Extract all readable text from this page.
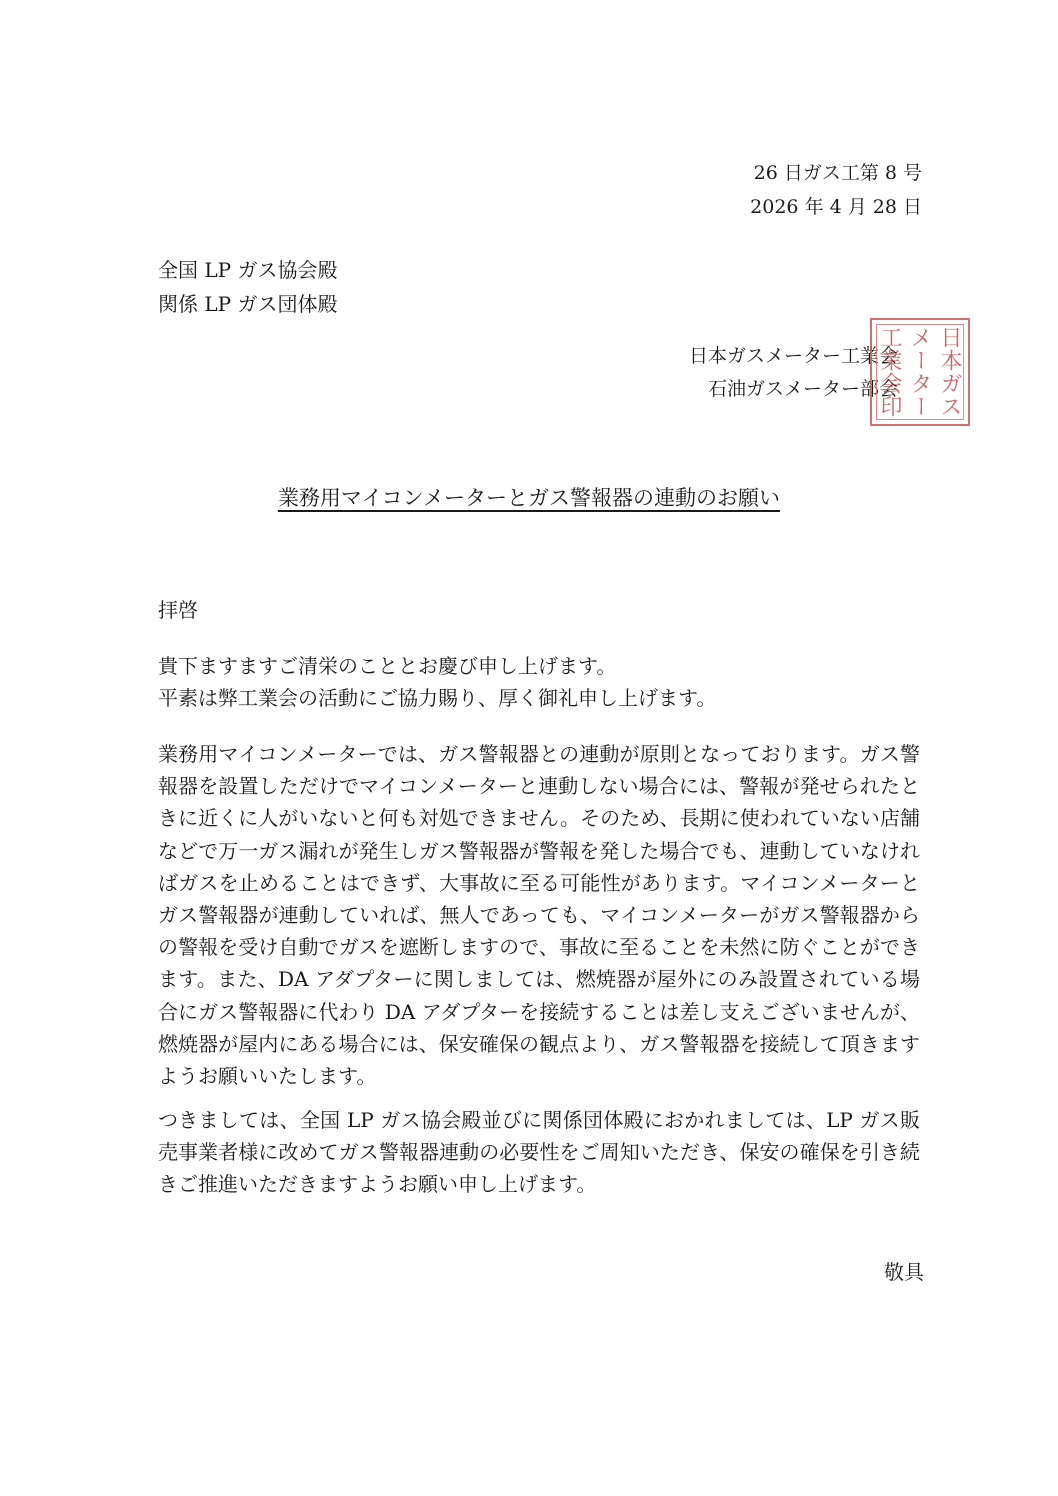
26 日ガス工第 8 号
2026 年 4 月 28 日
全国 LP ガス協会殿
関係 LP ガス団体殿
日本ガスメーター工業会
石油ガスメーター部会 日本ガス
メーター
工業会印
業務用マイコンメーターとガス警報器の連動のお願い
拝啓

貴下ますますご清栄のこととお慶び申し上げます。

平素は弊工業会の活動にご協力賜り、厚く御礼申し上げます。

業務用マイコンメーターでは、ガス警報器との連動が原則となっております。ガス警報器を設置しただけでマイコンメーターと連動しない場合には、警報が発せられたときに近くに人がいないと何も対処できません。そのため、長期に使われていない店舗などで万一ガス漏れが発生しガス警報器が警報を発した場合でも、連動していなければガスを止めることはできず、大事故に至る可能性があります。マイコンメーターとガス警報器が連動していれば、無人であっても、マイコンメーターがガス警報器からの警報を受け自動でガスを遮断しますので、事故に至ることを未然に防ぐことができます。また、DA アダプターに関しましては、燃焼器が屋外にのみ設置されている場合にガス警報器に代わり DA アダプターを接続することは差し支えございませんが、燃焼器が屋内にある場合には、保安確保の観点より、ガス警報器を接続して頂きますようお願いいたします。

つきましては、全国 LP ガス協会殿並びに関係団体殿におかれましては、LP ガス販売事業者様に改めてガス警報器連動の必要性をご周知いただき、保安の確保を引き続きご推進いただきますようお願い申し上げます。

敬具
